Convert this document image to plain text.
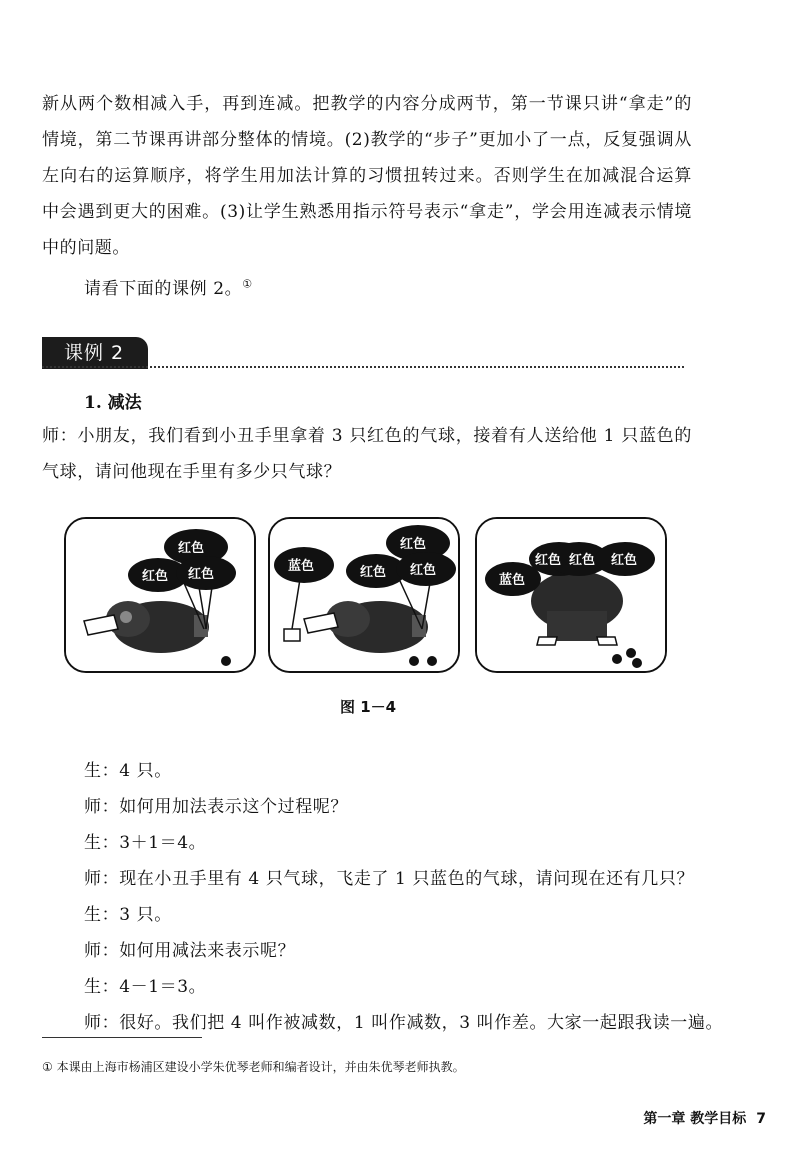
新从两个数相减入手，再到连减。把教学的内容分成两节，第一节课只讲“拿走”的情境，第二节课再讲部分整体的情境。(2)教学的“步子”更加小了一点，反复强调从左向右的运算顺序，将学生用加法计算的习惯扭转过来。否则学生在加减混合运算中会遇到更大的困难。(3)让学生熟悉用指示符号表示“拿走”，学会用连减表示情境中的问题。

请看下面的课例 2。①
课例 2
1. 减法

师：小朋友，我们看到小丑手里拿着 3 只红色的气球，接着有人送给他 1 只蓝色的气球，请问他现在手里有多少只气球？

红色
红色 红色
蓝色
红色
红色 红色
蓝色
红色 红色 红色
图 1－4
生：4 只。
师：如何用加法表示这个过程呢？
生：3＋1＝4。
师：现在小丑手里有 4 只气球，飞走了 1 只蓝色的气球，请问现在还有几只？
生：3 只。
师：如何用减法来表示呢？
生：4－1＝3。
师：很好。我们把 4 叫作被减数，1 叫作减数，3 叫作差。大家一起跟我读一遍。
① 本课由上海市杨浦区建设小学朱优琴老师和编者设计，并由朱优琴老师执教。
第一章 教学目标 7
